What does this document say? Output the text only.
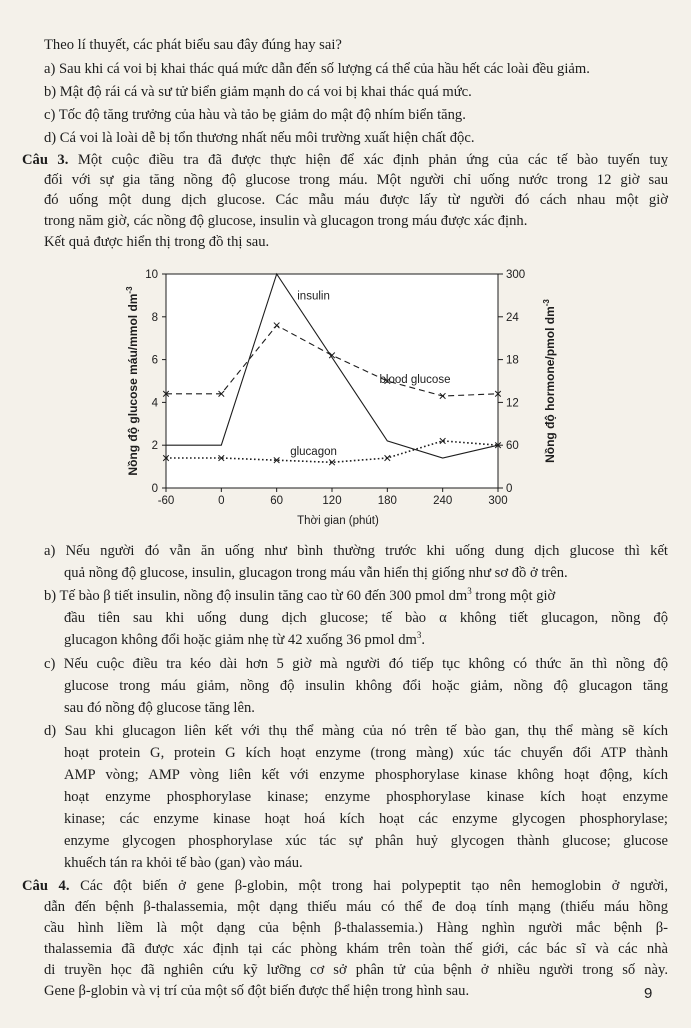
Theo lí thuyết, các phát biểu sau đây đúng hay sai?
a) Sau khi cá voi bị khai thác quá mức dẫn đến số lượng cá thể của hầu hết các loài đều giảm.
b) Mật độ rái cá và sư tử biển giảm mạnh do cá voi bị khai thác quá mức.
c) Tốc độ tăng trưởng của hàu và tảo bẹ giảm do mật độ nhím biển tăng.
d) Cá voi là loài dễ bị tổn thương nhất nếu môi trường xuất hiện chất độc.
Câu 3. Một cuộc điều tra đã được thực hiện để xác định phản ứng của các tế bào tuyến tuỵ
đối với sự gia tăng nồng độ glucose trong máu. Một người chỉ uống nước trong 12 giờ sau
đó uống một dung dịch glucose. Các mẫu máu được lấy từ người đó cách nhau một giờ
trong năm giờ, các nồng độ glucose, insulin và glucagon trong máu được xác định.
Kết quả được hiển thị trong đồ thị sau.
-60	0	60	120	180	240	300
0
2
4
6
8
10
0
60
12
18
24
300
insulin
blood glucose
glucagon
Thời gian (phút)
Nồng độ glucose máu/mmol $dm^{-3}$
Nồng độ hormone/pmol $dm^{-3}$
a) Nếu người đó vẫn ăn uống như bình thường trước khi uống dung dịch glucose thì kết
quả nồng độ glucose, insulin, glucagon trong máu vẫn hiển thị giống như sơ đồ ở trên.
b) Tế bào β tiết insulin, nồng độ insulin tăng cao từ 60 đến 300 pmol $dm^3$ trong một giờ
đầu tiên sau khi uống dung dịch glucose; tế bào α không tiết glucagon, nồng độ
glucagon không đổi hoặc giảm nhẹ từ 42 xuống 36 pmol $dm^3$.
c) Nếu cuộc điều tra kéo dài hơn 5 giờ mà người đó tiếp tục không có thức ăn thì nồng độ
glucose trong máu giảm, nồng độ insulin không đổi hoặc giảm, nồng độ glucagon tăng
sau đó nồng độ glucose tăng lên.
d) Sau khi glucagon liên kết với thụ thể màng của nó trên tế bào gan, thụ thể màng sẽ kích
hoạt protein G, protein G kích hoạt enzyme (trong màng) xúc tác chuyển đổi ATP thành
AMP vòng; AMP vòng liên kết với enzyme phosphorylase kinase không hoạt động, kích
hoạt enzyme phosphorylase kinase; enzyme phosphorylase kinase kích hoạt enzyme
kinase; các enzyme kinase hoạt hoá kích hoạt các enzyme glycogen phosphorylase;
enzyme glycogen phosphorylase xúc tác sự phân huỷ glycogen thành glucose; glucose
khuếch tán ra khỏi tế bào (gan) vào máu.
Câu 4. Các đột biến ở gene β-globin, một trong hai polypeptit tạo nên hemoglobin ở người,
dẫn đến bệnh β-thalassemia, một dạng thiếu máu có thể đe doạ tính mạng (thiếu máu hồng
cầu hình liềm là một dạng của bệnh β-thalassemia.) Hàng nghìn người mắc bệnh β-
thalassemia đã được xác định tại các phòng khám trên toàn thế giới, các bác sĩ và các nhà
di truyền học đã nghiên cứu kỹ lưỡng cơ sở phân tử của bệnh ở nhiều người trong số này.
Gene β-globin và vị trí của một số đột biến được thể hiện trong hình sau.	9
